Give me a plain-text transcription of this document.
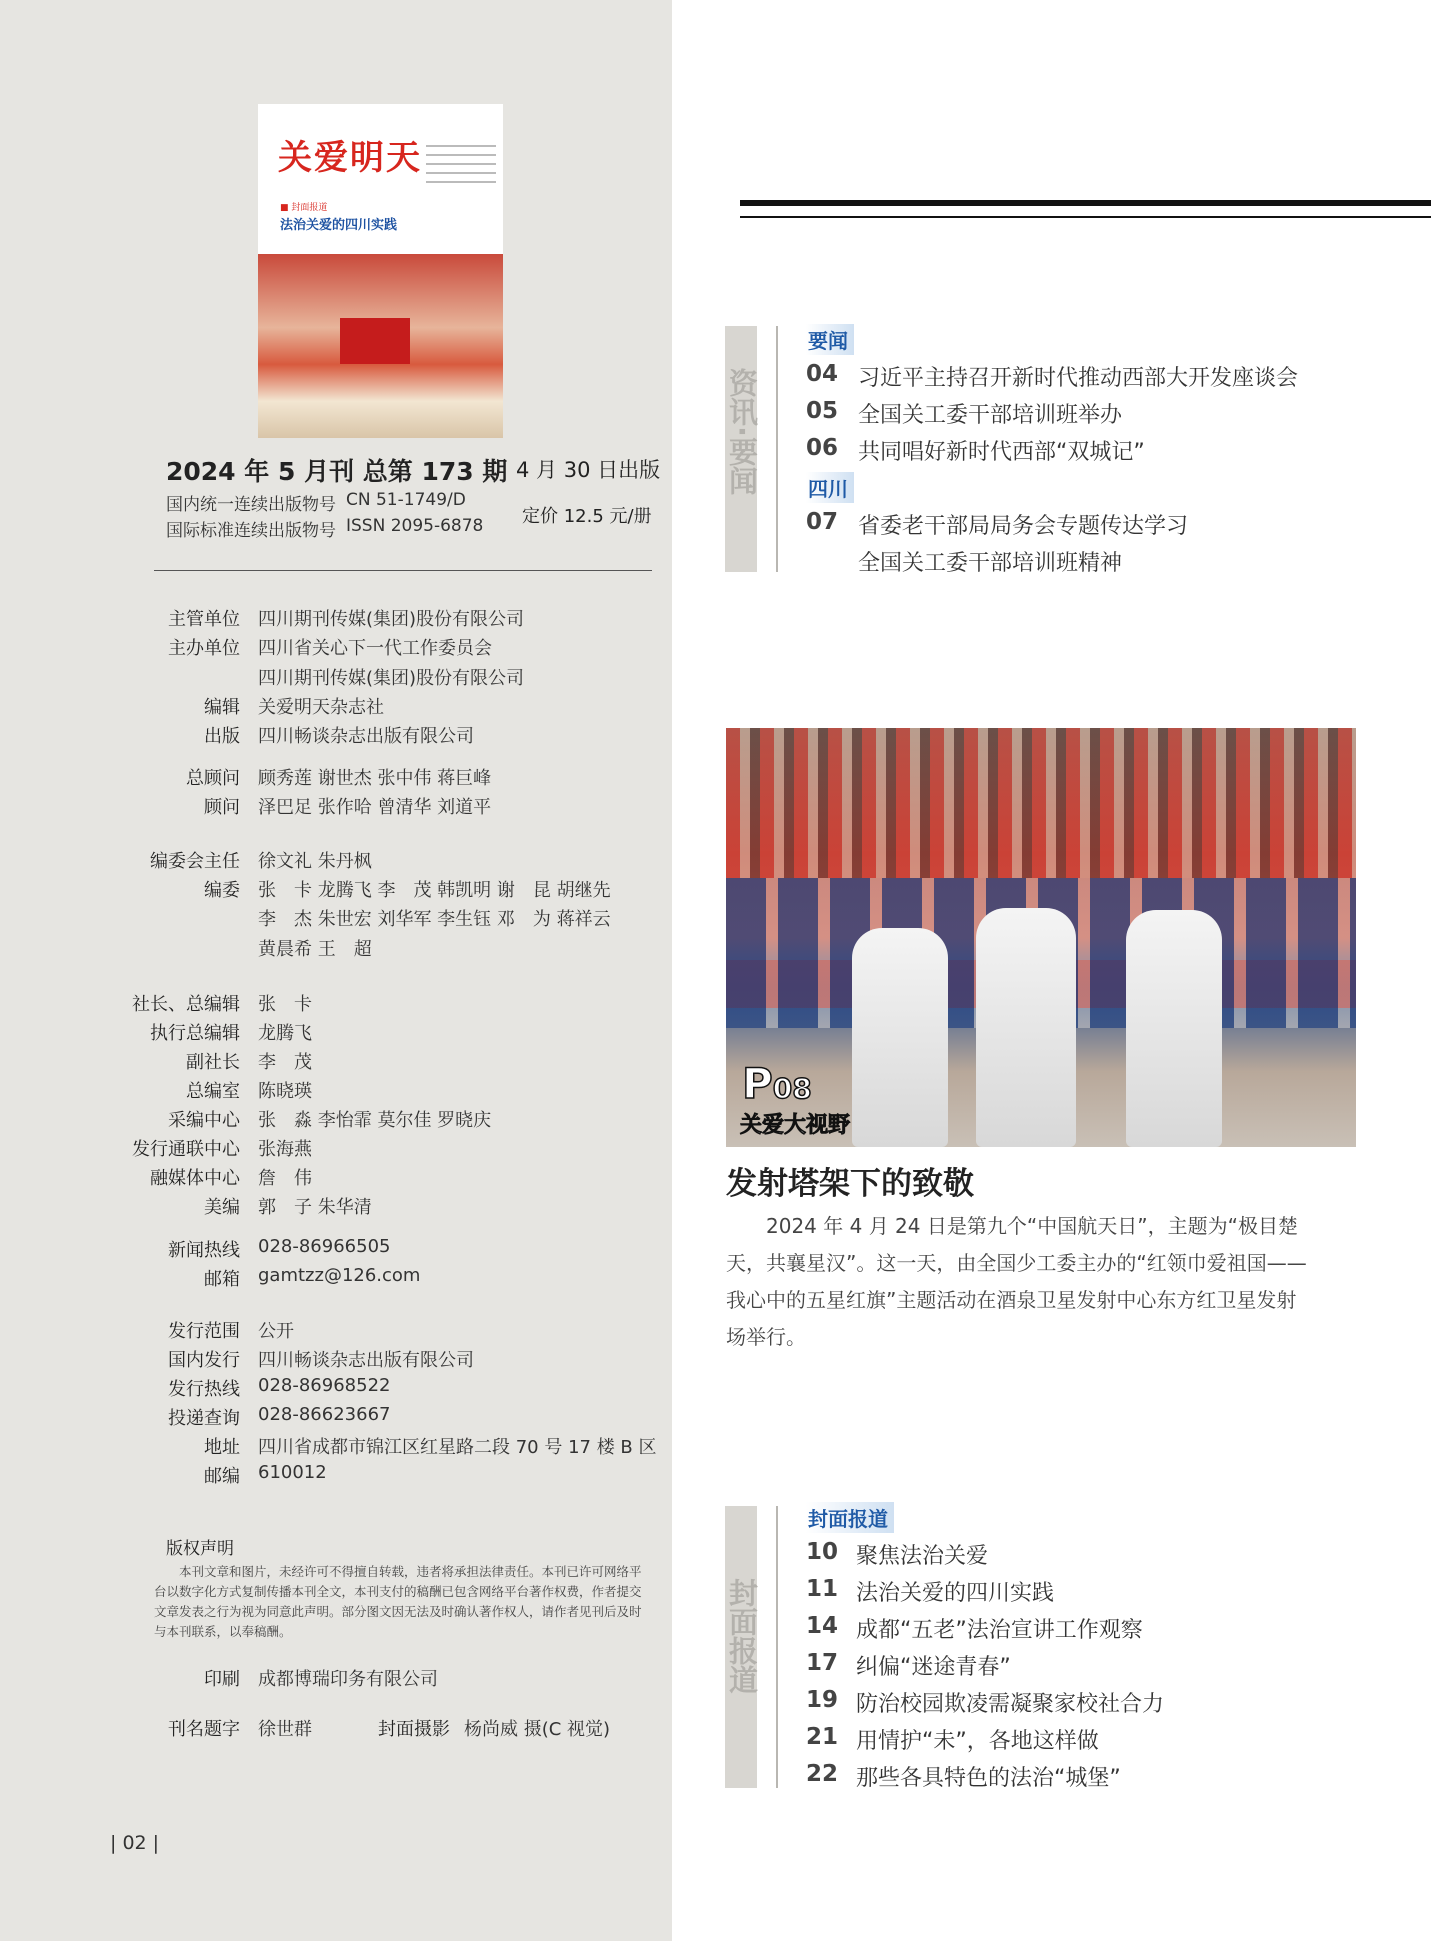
关爱明天
■ 封面报道
法治关爱的四川实践
2024 年 5 月刊 总第 173 期 4 月 30 日出版
国内统一连续出版物号 CN 51-1749/D
国际标准连续出版物号 ISSN 2095-6878 定价 12.5 元/册
主管单位 四川期刊传媒(集团)股份有限公司
主办单位 四川省关心下一代工作委员会
四川期刊传媒(集团)股份有限公司
编辑 关爱明天杂志社
出版 四川畅谈杂志出版有限公司
总顾问 顾秀莲 谢世杰 张中伟 蒋巨峰
顾问 泽巴足 张作哈 曾清华 刘道平
编委会主任 徐文礼 朱丹枫
编委 张　卡 龙腾飞 李　茂 韩凯明 谢　昆 胡继先
李　杰 朱世宏 刘华军 李生钰 邓　为 蒋祥云
黄晨希 王　超
社长、总编辑 张　卡
执行总编辑 龙腾飞
副社长 李　茂
总编室 陈晓瑛
采编中心 张　淼 李怡霏 莫尔佳 罗晓庆
发行通联中心 张海燕
融媒体中心 詹　伟
美编 郭　子 朱华清
新闻热线 028-86966505
邮箱 gamtzz@126.com
发行范围 公开
国内发行 四川畅谈杂志出版有限公司
发行热线 028-86968522
投递查询 028-86623667
地址 四川省成都市锦江区红星路二段 70 号 17 楼 B 区
邮编 610012
版权声明
本刊文章和图片，未经许可不得擅自转载，违者将承担法律责任。本刊已许可网络平台以数字化方式复制传播本刊全文，本刊支付的稿酬已包含网络平台著作权费，作者提交文章发表之行为视为同意此声明。部分图文因无法及时确认著作权人，请作者见刊后及时与本刊联系，以奉稿酬。
印刷 成都博瑞印务有限公司
刊名题字 徐世群	封面摄影 杨尚威 摄(C 视觉)
| 02 |
资讯·要闻
要闻
04 习近平主持召开新时代推动西部大开发座谈会
05 全国关工委干部培训班举办
06 共同唱好新时代西部“双城记”
四川
07 省委老干部局局务会专题传达学习
全国关工委干部培训班精神
P08
关爱大视野
发射塔架下的致敬
2024 年 4 月 24 日是第九个“中国航天日”，主题为“极目楚天，共襄星汉”。这一天，由全国少工委主办的“红领巾爱祖国——我心中的五星红旗”主题活动在酒泉卫星发射中心东方红卫星发射场举行。
封面报道
封面报道
10 聚焦法治关爱
11 法治关爱的四川实践
14 成都“五老”法治宣讲工作观察
17 纠偏“迷途青春”
19 防治校园欺凌需凝聚家校社合力
21 用情护“未”，各地这样做
22 那些各具特色的法治“城堡”
